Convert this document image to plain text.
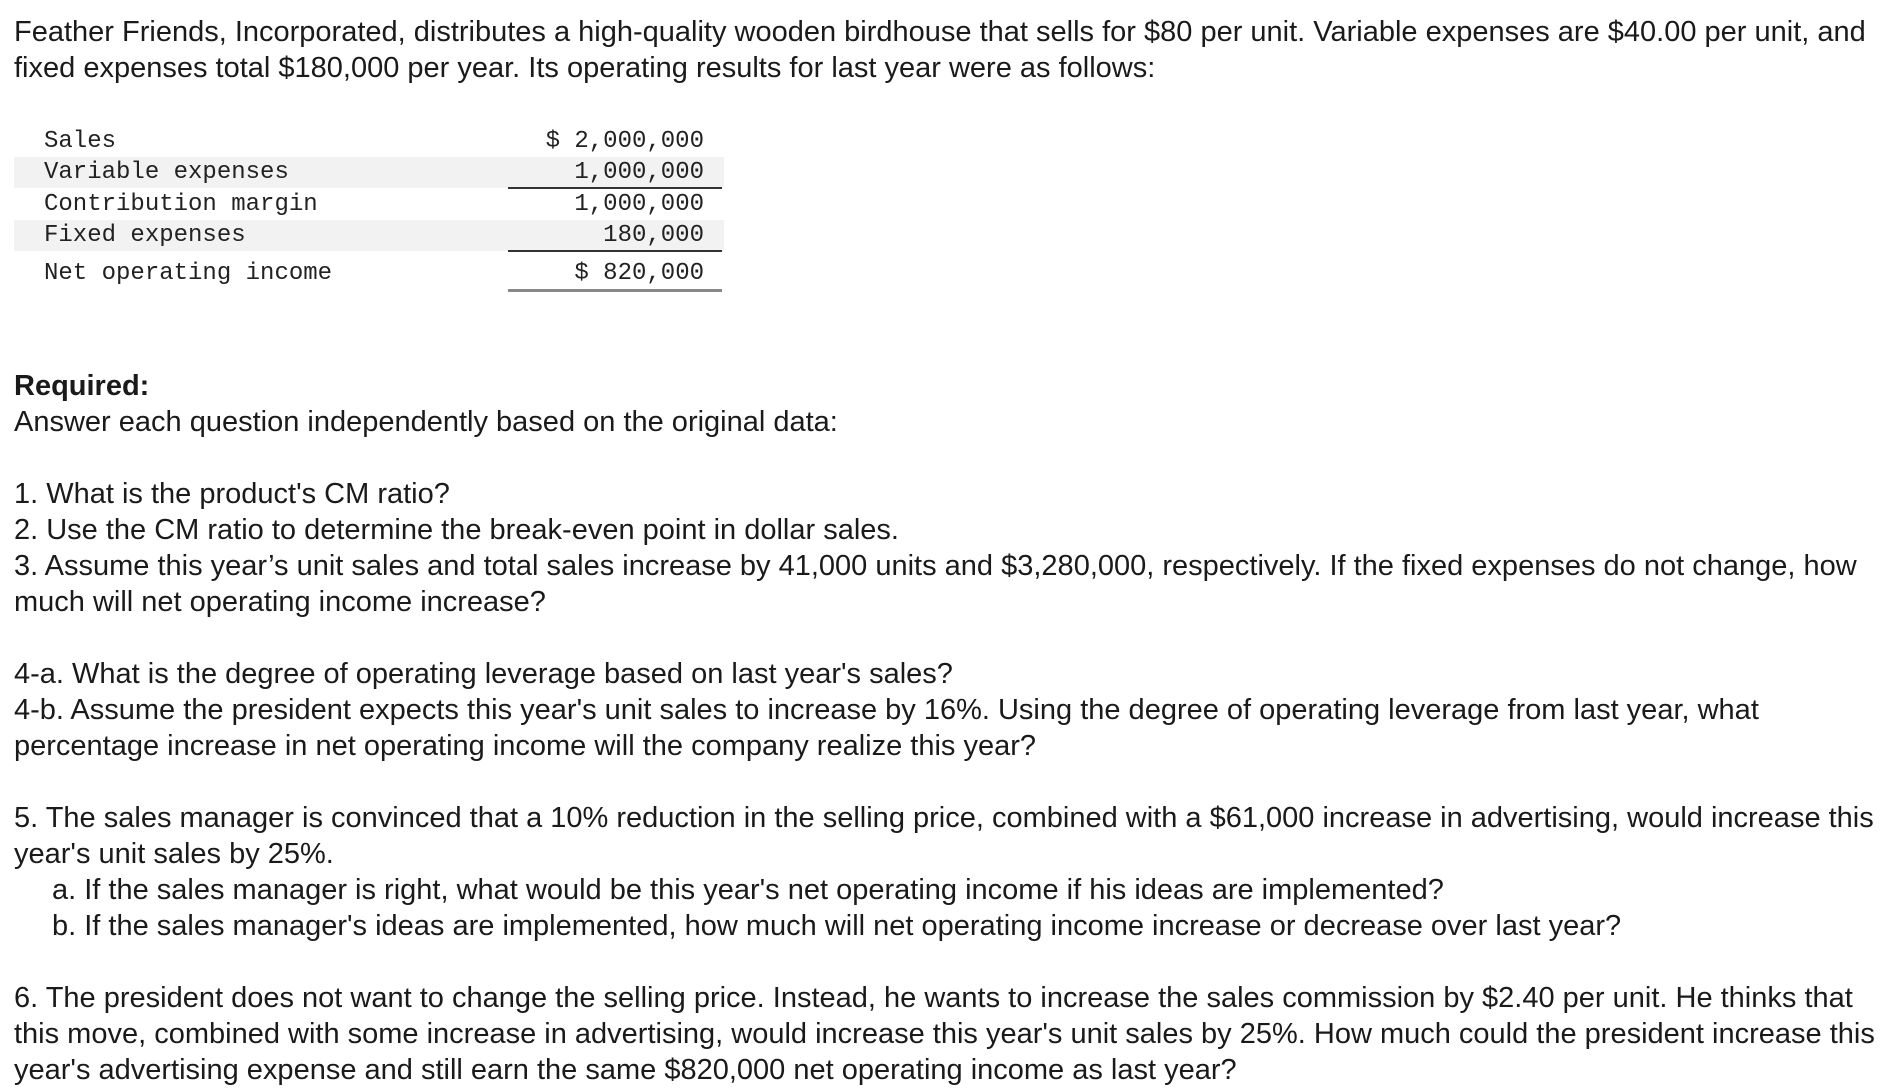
Feather Friends, Incorporated, distributes a high-quality wooden birdhouse that sells for $80 per unit. Variable expenses are $40.00 per unit, and fixed expenses total $180,000 per year. Its operating results for last year were as follows:

Sales	$ 2,000,000
Variable expenses	1,000,000
Contribution margin	1,000,000
Fixed expenses	180,000
Net operating income	$ 820,000

Required:

Answer each question independently based on the original data:

1. What is the product's CM ratio?

2. Use the CM ratio to determine the break-even point in dollar sales.

3. Assume this year’s unit sales and total sales increase by 41,000 units and $3,280,000, respectively. If the fixed expenses do not change, how much will net operating income increase?

4-a. What is the degree of operating leverage based on last year's sales?

4-b. Assume the president expects this year's unit sales to increase by 16%. Using the degree of operating leverage from last year, what percentage increase in net operating income will the company realize this year?

5. The sales manager is convinced that a 10% reduction in the selling price, combined with a $61,000 increase in advertising, would increase this year's unit sales by 25%.

a. If the sales manager is right, what would be this year's net operating income if his ideas are implemented?

b. If the sales manager's ideas are implemented, how much will net operating income increase or decrease over last year?

6. The president does not want to change the selling price. Instead, he wants to increase the sales commission by $2.40 per unit. He thinks that this move, combined with some increase in advertising, would increase this year's unit sales by 25%. How much could the president increase this year's advertising expense and still earn the same $820,000 net operating income as last year?
